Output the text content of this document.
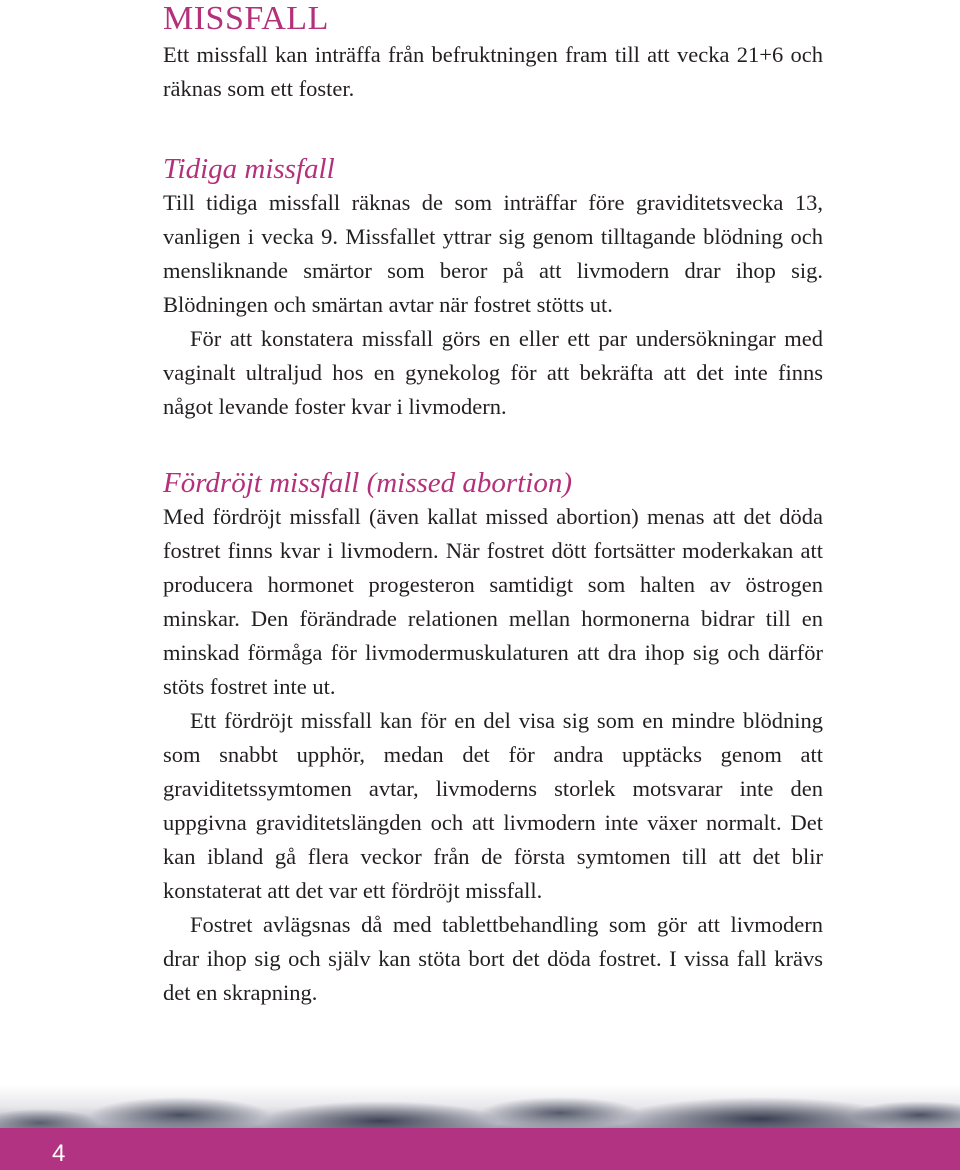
MISSFALL

Ett missfall kan inträffa från befruktningen fram till att vecka 21+6 och räknas som ett foster.

Tidiga missfall

Till tidiga missfall räknas de som inträffar före graviditetsvecka 13, vanligen i vecka 9. Missfallet yttrar sig genom tilltagande blödning och mensliknande smärtor som beror på att livmodern drar ihop sig. Blödningen och smärtan avtar när fostret stötts ut.

För att konstatera missfall görs en eller ett par undersökningar med vaginalt ultraljud hos en gynekolog för att bekräfta att det inte finns något levande foster kvar i livmodern.

Fördröjt missfall (missed abortion)

Med fördröjt missfall (även kallat missed abortion) menas att det döda fostret finns kvar i livmodern. När fostret dött fortsätter moderkakan att producera hormonet progesteron samtidigt som halten av östrogen minskar. Den förändrade relationen mellan hormonerna bidrar till en minskad förmåga för livmodermuskulaturen att dra ihop sig och därför stöts fostret inte ut.

Ett fördröjt missfall kan för en del visa sig som en mindre blödning som snabbt upphör, medan det för andra upptäcks genom att graviditetssymtomen avtar, livmoderns storlek motsvarar inte den uppgivna graviditetslängden och att livmodern inte växer normalt. Det kan ibland gå flera veckor från de första symtomen till att det blir konstaterat att det var ett fördröjt missfall.

Fostret avlägsnas då med tablettbehandling som gör att livmodern drar ihop sig och själv kan stöta bort det döda fostret. I vissa fall krävs det en skrapning.

4
